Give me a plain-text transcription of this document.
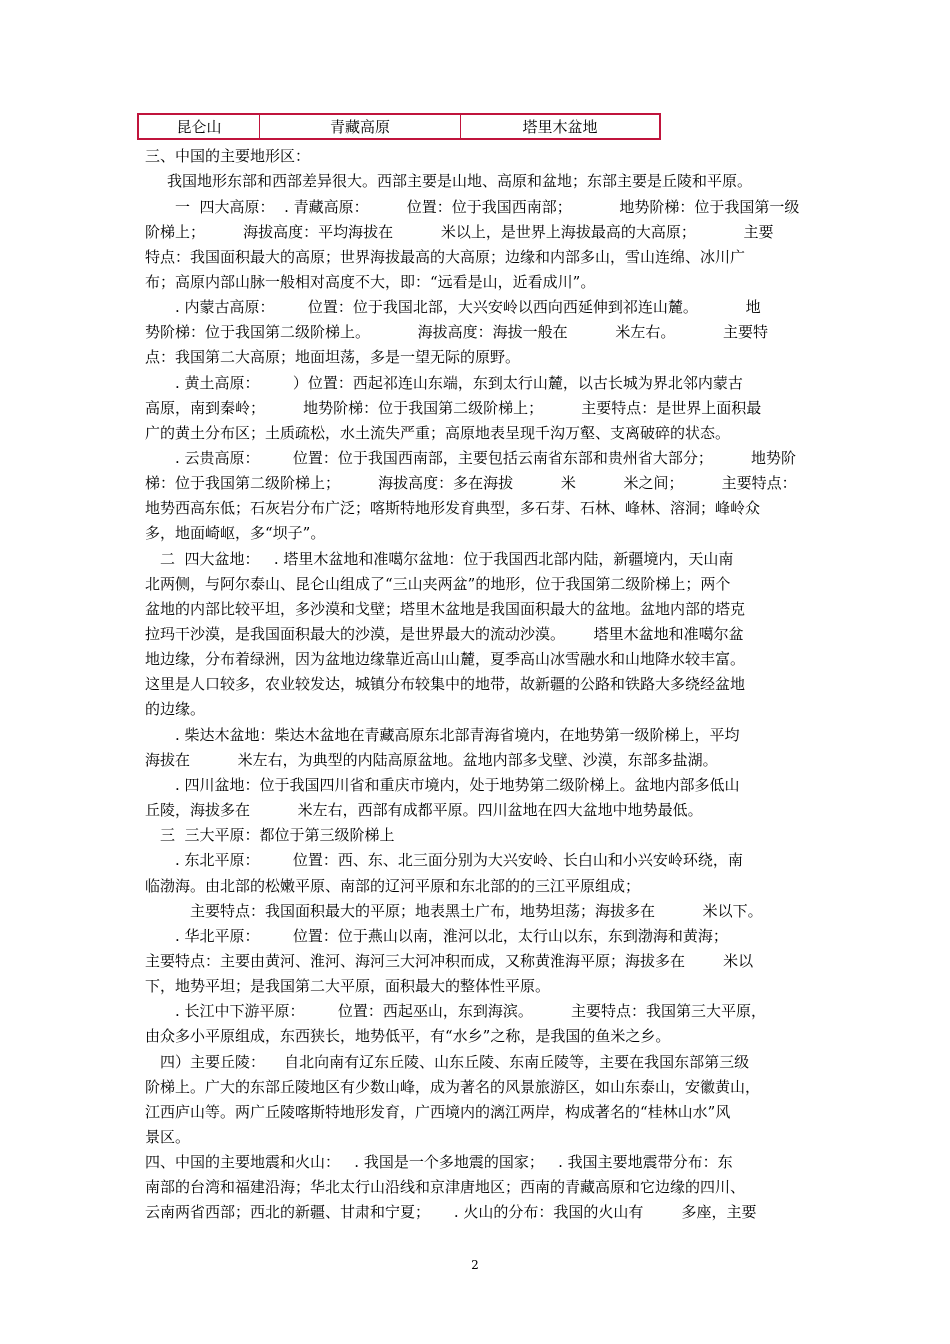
昆仑山	青藏高原	塔里木盆地
三、中国的主要地形区：
我国地形东部和西部差异很大。西部主要是山地、高原和盆地；东部主要是丘陵和平原。
一  四大高原：  . 青藏高原：        位置：位于我国西南部；          地势阶梯：位于我国第一级
阶梯上；        海拔高度：平均海拔在          米以上，是世界上海拔最高的大高原；          主要
特点：我国面积最大的高原；世界海拔最高的大高原；边缘和内部多山，雪山连绵、冰川广
布；高原内部山脉一般相对高度不大，即：“远看是山，近看成川”。
. 内蒙古高原：       位置：位于我国北部，大兴安岭以西向西延伸到祁连山麓。          地
势阶梯：位于我国第二级阶梯上。          海拔高度：海拔一般在          米左右。          主要特
点：我国第二大高原；地面坦荡，多是一望无际的原野。
. 黄土高原：       ）位置：西起祁连山东端，东到太行山麓，以古长城为界北邻内蒙古
高原，南到秦岭；        地势阶梯：位于我国第二级阶梯上；        主要特点：是世界上面积最
广的黄土分布区；土质疏松，水土流失严重；高原地表呈现千沟万壑、支离破碎的状态。
. 云贵高原：       位置：位于我国西南部，主要包括云南省东部和贵州省大部分；        地势阶
梯：位于我国第二级阶梯上；        海拔高度：多在海拔          米          米之间；        主要特点：
地势西高东低；石灰岩分布广泛；喀斯特地形发育典型，多石芽、石林、峰林、溶洞；峰岭众
多，地面崎岖，多“坝子”。
二  四大盆地：   . 塔里木盆地和准噶尔盆地：位于我国西北部内陆，新疆境内，天山南
北两侧，与阿尔泰山、昆仑山组成了“三山夹两盆”的地形，位于我国第二级阶梯上；两个
盆地的内部比较平坦，多沙漠和戈壁；塔里木盆地是我国面积最大的盆地。盆地内部的塔克
拉玛干沙漠，是我国面积最大的沙漠，是世界最大的流动沙漠。      塔里木盆地和准噶尔盆
地边缘，分布着绿洲，因为盆地边缘靠近高山山麓，夏季高山冰雪融水和山地降水较丰富。
这里是人口较多，农业较发达，城镇分布较集中的地带，故新疆的公路和铁路大多绕经盆地
的边缘。
. 柴达木盆地：柴达木盆地在青藏高原东北部青海省境内，在地势第一级阶梯上，平均
海拔在          米左右，为典型的内陆高原盆地。盆地内部多戈壁、沙漠，东部多盐湖。
. 四川盆地：位于我国四川省和重庆市境内，处于地势第二级阶梯上。盆地内部多低山
丘陵，海拔多在          米左右，西部有成都平原。四川盆地在四大盆地中地势最低。
三  三大平原：都位于第三级阶梯上
. 东北平原：       位置：西、东、北三面分别为大兴安岭、长白山和小兴安岭环绕，南
临渤海。由北部的松嫩平原、南部的辽河平原和东北部的的三江平原组成；
主要特点：我国面积最大的平原；地表黑土广布，地势坦荡；海拔多在          米以下。
. 华北平原：       位置：位于燕山以南，淮河以北，太行山以东，东到渤海和黄海；
主要特点：主要由黄河、淮河、海河三大河冲积而成，又称黄淮海平原；海拔多在        米以
下，地势平坦；是我国第二大平原，面积最大的整体性平原。
. 长江中下游平原：       位置：西起巫山，东到海滨。        主要特点：我国第三大平原，
由众多小平原组成，东西狭长，地势低平，有“水乡”之称，是我国的鱼米之乡。
四）主要丘陵：    自北向南有辽东丘陵、山东丘陵、东南丘陵等，主要在我国东部第三级
阶梯上。广大的东部丘陵地区有少数山峰，成为著名的风景旅游区，如山东泰山，安徽黄山，
江西庐山等。两广丘陵喀斯特地形发育，广西境内的漓江两岸，构成著名的“桂林山水”风
景区。
四、中国的主要地震和火山：   . 我国是一个多地震的国家；   . 我国主要地震带分布：东
南部的台湾和福建沿海；华北太行山沿线和京津唐地区；西南的青藏高原和它边缘的四川、
云南两省西部；西北的新疆、甘肃和宁夏；     . 火山的分布：我国的火山有        多座，主要
2
